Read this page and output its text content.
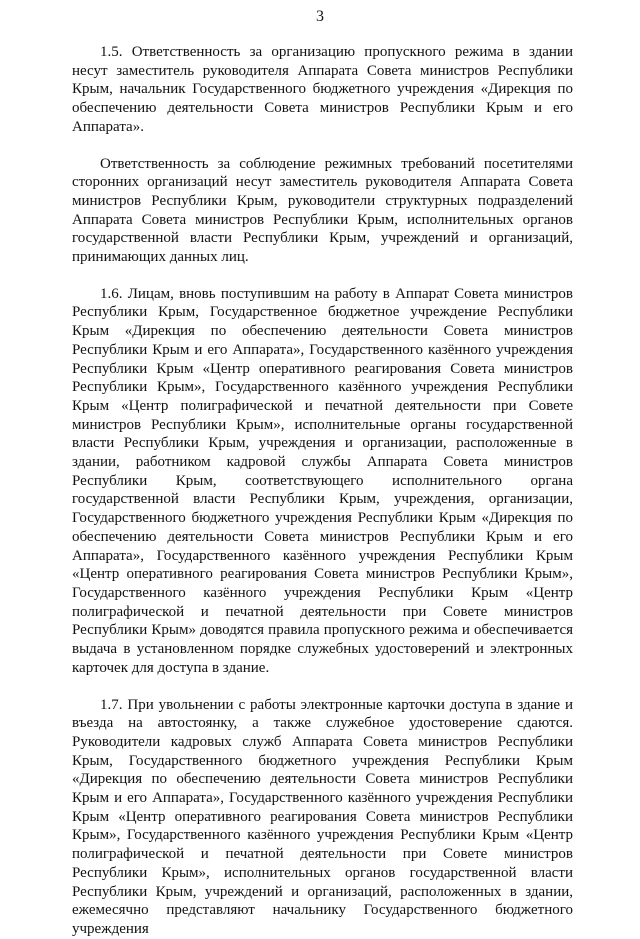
3

1.5. Ответственность за организацию пропускного режима в здании несут заместитель руководителя Аппарата Совета министров Республики Крым, начальник Государственного бюджетного учреждения «Дирекция по обеспечению деятельности Совета министров Республики Крым и его Аппарата».

Ответственность за соблюдение режимных требований посетителями сторонних организаций несут заместитель руководителя Аппарата Совета министров Республики Крым, руководители структурных подразделений Аппарата Совета министров Республики Крым, исполнительных органов государственной власти Республики Крым, учреждений и организаций, принимающих данных лиц.

1.6. Лицам, вновь поступившим на работу в Аппарат Совета министров Республики Крым, Государственное бюджетное учреждение Республики Крым «Дирекция по обеспечению деятельности Совета министров Республики Крым и его Аппарата», Государственного казённого учреждения Республики Крым «Центр оперативного реагирования Совета министров Республики Крым», Государственного казённого учреждения Республики Крым «Центр полиграфической и печатной деятельности при Совете министров Республики Крым», исполнительные органы государственной власти Республики Крым, учреждения и организации, расположенные в здании, работником кадровой службы Аппарата Совета министров Республики Крым, соответствующего исполнительного органа государственной власти Республики Крым, учреждения, организации, Государственного бюджетного учреждения Республики Крым «Дирекция по обеспечению деятельности Совета министров Республики Крым и его Аппарата», Государственного казённого учреждения Республики Крым «Центр оперативного реагирования Совета министров Республики Крым», Государственного казённого учреждения Республики Крым «Центр полиграфической и печатной деятельности при Совете министров Республики Крым» доводятся правила пропускного режима и обеспечивается выдача в установленном порядке служебных удостоверений и электронных карточек для доступа в здание.

1.7. При увольнении с работы электронные карточки доступа в здание и въезда на автостоянку, а также служебное удостоверение сдаются. Руководители кадровых служб Аппарата Совета министров Республики Крым, Государственного бюджетного учреждения Республики Крым «Дирекция по обеспечению деятельности Совета министров Республики Крым и его Аппарата», Государственного казённого учреждения Республики Крым «Центр оперативного реагирования Совета министров Республики Крым», Государственного казённого учреждения Республики Крым «Центр полиграфической и печатной деятельности при Совете министров Республики Крым», исполнительных органов государственной власти Республики Крым, учреждений и организаций, расположенных в здании, ежемесячно представляют начальнику Государственного бюджетного учреждения
